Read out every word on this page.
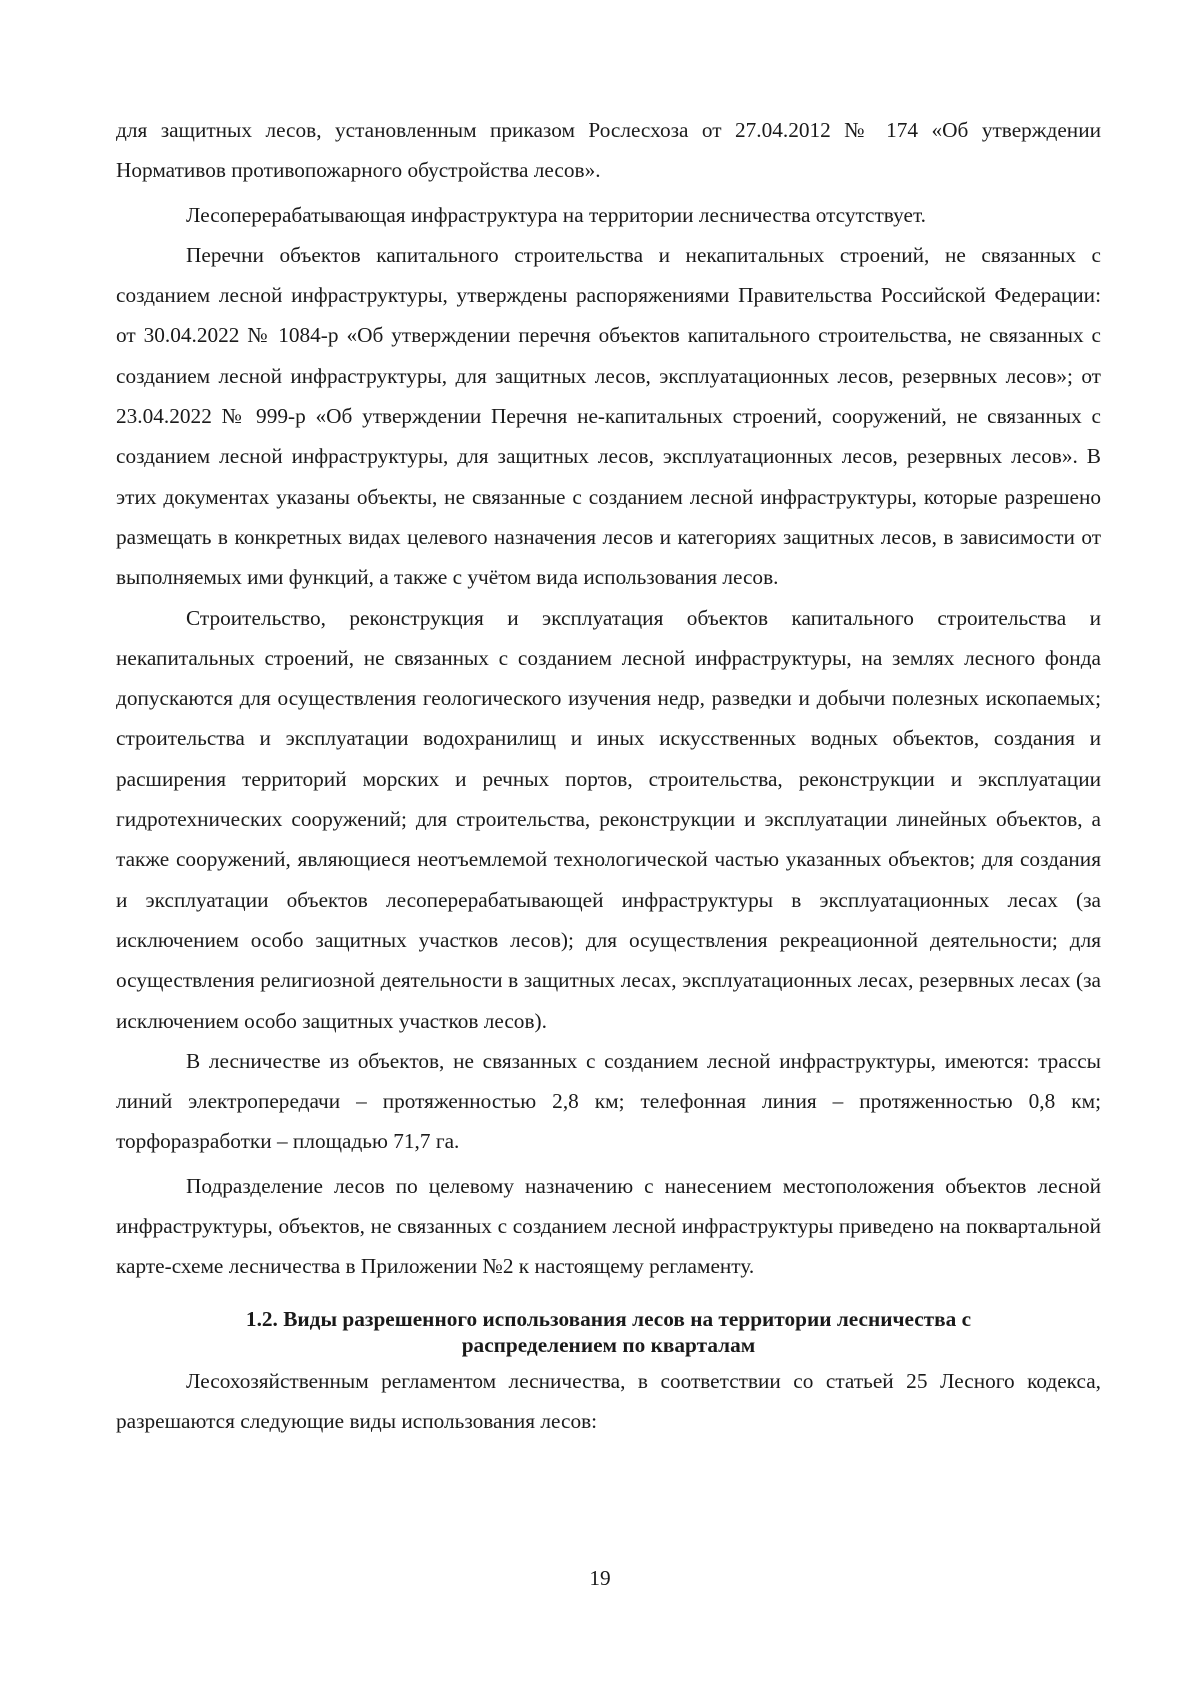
для защитных лесов, установленным приказом Рослесхоза от 27.04.2012 № 174 «Об утверждении Нормативов противопожарного обустройства лесов».

Лесоперерабатывающая инфраструктура на территории лесничества отсутствует.

Перечни объектов капитального строительства и некапитальных строений, не связанных с созданием лесной инфраструктуры, утверждены распоряжениями Правительства Российской Федерации: от 30.04.2022 № 1084-р «Об утверждении перечня объектов капитального строительства, не связанных с созданием лесной инфраструктуры, для защитных лесов, эксплуатационных лесов, резервных лесов»; от 23.04.2022 № 999-р «Об утверждении Перечня не-капитальных строений, сооружений, не связанных с созданием лесной инфраструктуры, для защитных лесов, эксплуатационных лесов, резервных лесов». В этих документах указаны объекты, не связанные с созданием лесной инфраструктуры, которые разрешено размещать в конкретных видах целевого назначения лесов и категориях защитных лесов, в зависимости от выполняемых ими функций, а также с учётом вида использования лесов.

Строительство, реконструкция и эксплуатация объектов капитального строительства и некапитальных строений, не связанных с созданием лесной инфраструктуры, на землях лесного фонда допускаются для осуществления геологического изучения недр, разведки и добычи полезных ископаемых; строительства и эксплуатации водохранилищ и иных искусственных водных объектов, создания и расширения территорий морских и речных портов, строительства, реконструкции и эксплуатации гидротехнических сооружений; для строительства, реконструкции и эксплуатации линейных объектов, а также сооружений, являющиеся неотъемлемой технологической частью указанных объектов; для создания и эксплуатации объектов лесоперерабатывающей инфраструктуры в эксплуатационных лесах (за исключением особо защитных участков лесов); для осуществления рекреационной деятельности; для осуществления религиозной деятельности в защитных лесах, эксплуатационных лесах, резервных лесах (за исключением особо защитных участков лесов).

В лесничестве из объектов, не связанных с созданием лесной инфраструктуры, имеются: трассы линий электропередачи – протяженностью 2,8 км; телефонная линия – протяженностью 0,8 км; торфоразработки – площадью 71,7 га.

Подразделение лесов по целевому назначению с нанесением местоположения объектов лесной инфраструктуры, объектов, не связанных с созданием лесной инфраструктуры приведено на поквартальной карте-схеме лесничества в Приложении №2 к настоящему регламенту.

1.2. Виды разрешенного использования лесов на территории лесничества с
распределением по кварталам

Лесохозяйственным регламентом лесничества, в соответствии со статьей 25 Лесного кодекса, разрешаются следующие виды использования лесов:

19
